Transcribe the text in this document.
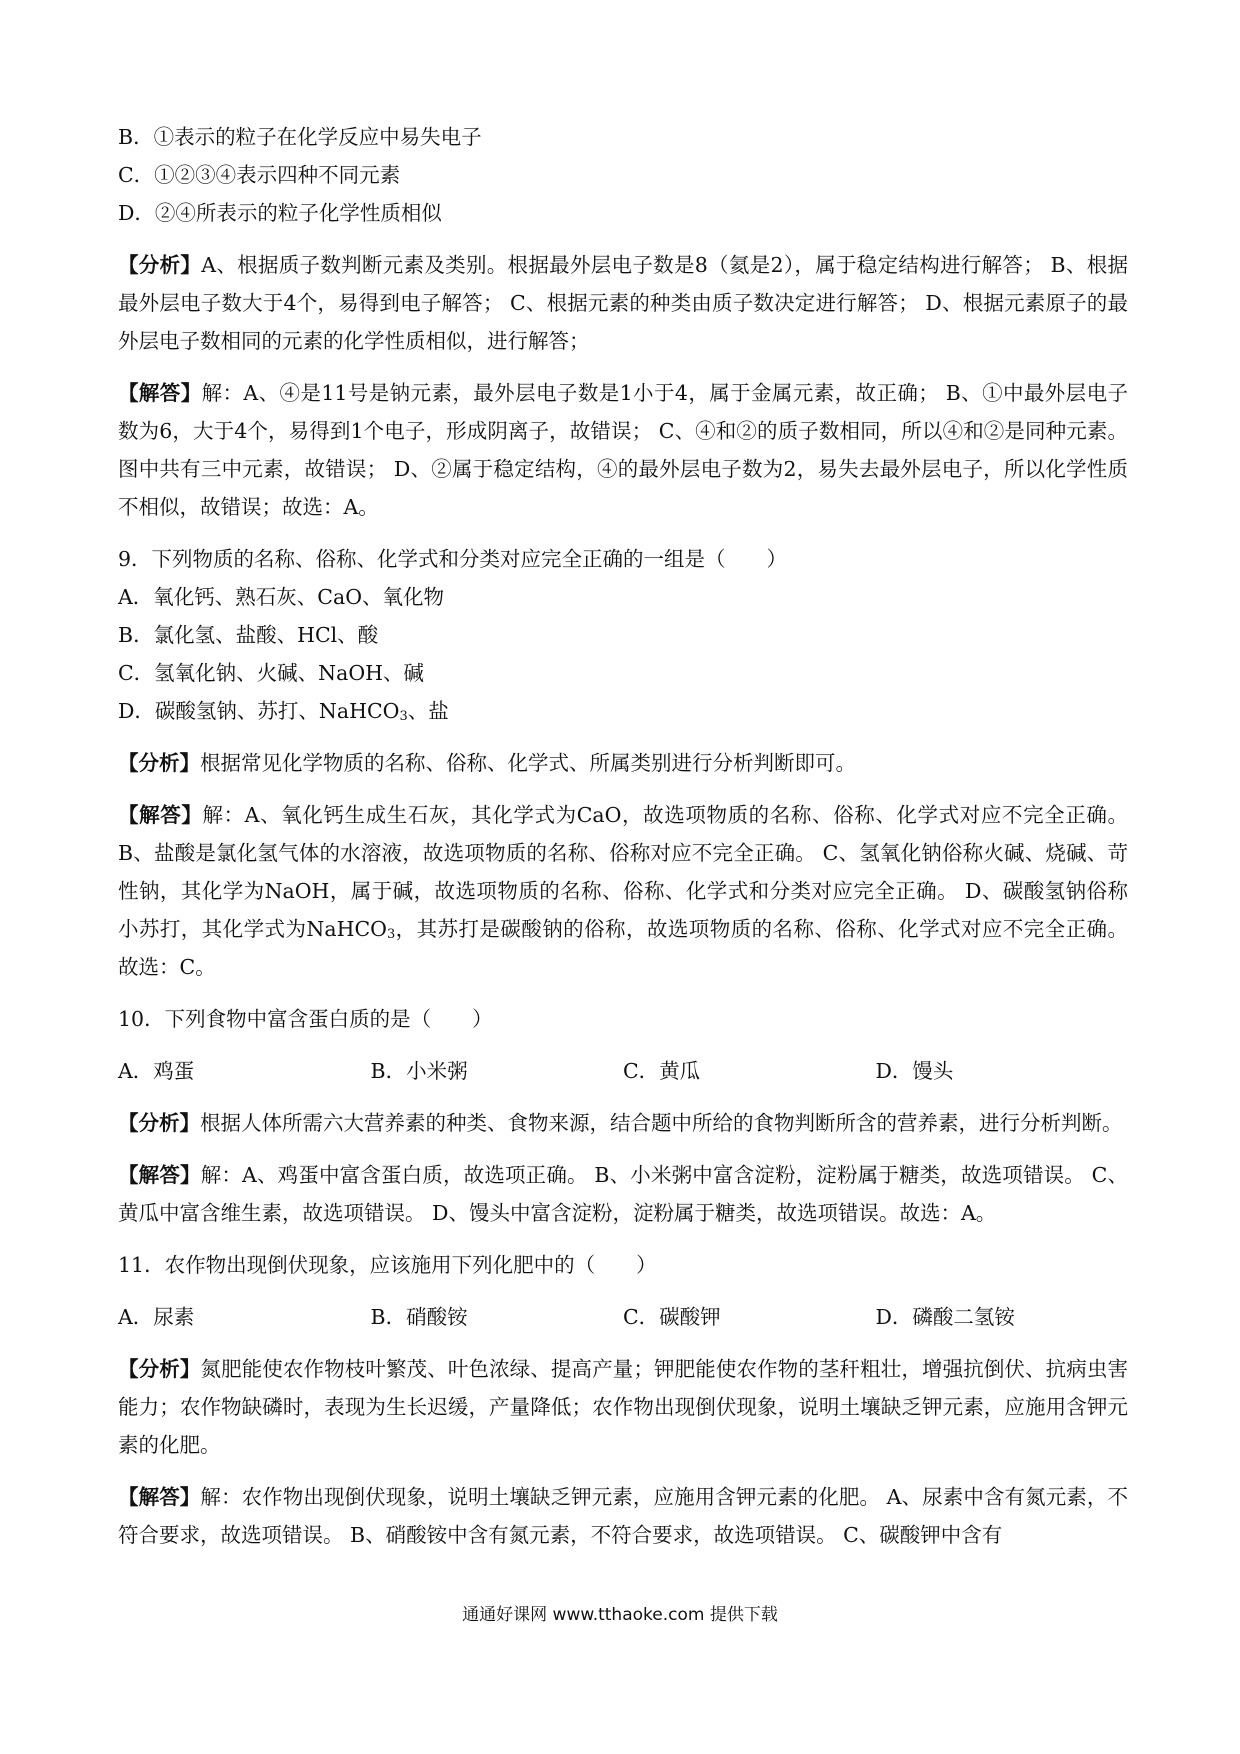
B．①表示的粒子在化学反应中易失电子
C．①②③④表示四种不同元素
D．②④所表示的粒子化学性质相似
【分析】A、根据质子数判断元素及类别。根据最外层电子数是8（氦是2），属于稳定结构进行解答； B、根据最外层电子数大于4个，易得到电子解答； C、根据元素的种类由质子数决定进行解答； D、根据元素原子的最外层电子数相同的元素的化学性质相似，进行解答；
【解答】解：A、④是11号是钠元素，最外层电子数是1小于4，属于金属元素，故正确； B、①中最外层电子数为6，大于4个，易得到1个电子，形成阴离子，故错误； C、④和②的质子数相同，所以④和②是同种元素。图中共有三中元素，故错误； D、②属于稳定结构，④的最外层电子数为2，易失去最外层电子，所以化学性质不相似，故错误；故选：A。
9．下列物质的名称、俗称、化学式和分类对应完全正确的一组是（　　）
A．氧化钙、熟石灰、CaO、氧化物
B．氯化氢、盐酸、HCl、酸
C．氢氧化钠、火碱、NaOH、碱
D．碳酸氢钠、苏打、NaHCO$_3$、盐
【分析】根据常见化学物质的名称、俗称、化学式、所属类别进行分析判断即可。
【解答】解：A、氧化钙生成生石灰，其化学式为CaO，故选项物质的名称、俗称、化学式对应不完全正确。 B、盐酸是氯化氢气体的水溶液，故选项物质的名称、俗称对应不完全正确。 C、氢氧化钠俗称火碱、烧碱、苛性钠，其化学为NaOH，属于碱，故选项物质的名称、俗称、化学式和分类对应完全正确。 D、碳酸氢钠俗称小苏打，其化学式为NaHCO$_3$，其苏打是碳酸钠的俗称，故选项物质的名称、俗称、化学式对应不完全正确。故选：C。
10．下列食物中富含蛋白质的是（　　）
A．鸡蛋	B．小米粥	C．黄瓜	D．馒头
【分析】根据人体所需六大营养素的种类、食物来源，结合题中所给的食物判断所含的营养素，进行分析判断。
【解答】解：A、鸡蛋中富含蛋白质，故选项正确。 B、小米粥中富含淀粉，淀粉属于糖类，故选项错误。 C、黄瓜中富含维生素，故选项错误。 D、馒头中富含淀粉，淀粉属于糖类，故选项错误。故选：A。
11．农作物出现倒伏现象，应该施用下列化肥中的（　　）
A．尿素	B．硝酸铵	C．碳酸钾	D．磷酸二氢铵
【分析】氮肥能使农作物枝叶繁茂、叶色浓绿、提高产量；钾肥能使农作物的茎秆粗壮，增强抗倒伏、抗病虫害能力；农作物缺磷时，表现为生长迟缓，产量降低；农作物出现倒伏现象，说明土壤缺乏钾元素，应施用含钾元素的化肥。
【解答】解：农作物出现倒伏现象，说明土壤缺乏钾元素，应施用含钾元素的化肥。 A、尿素中含有氮元素，不符合要求，故选项错误。 B、硝酸铵中含有氮元素，不符合要求，故选项错误。 C、碳酸钾中含有
通通好课网 www.tthaoke.com 提供下载
